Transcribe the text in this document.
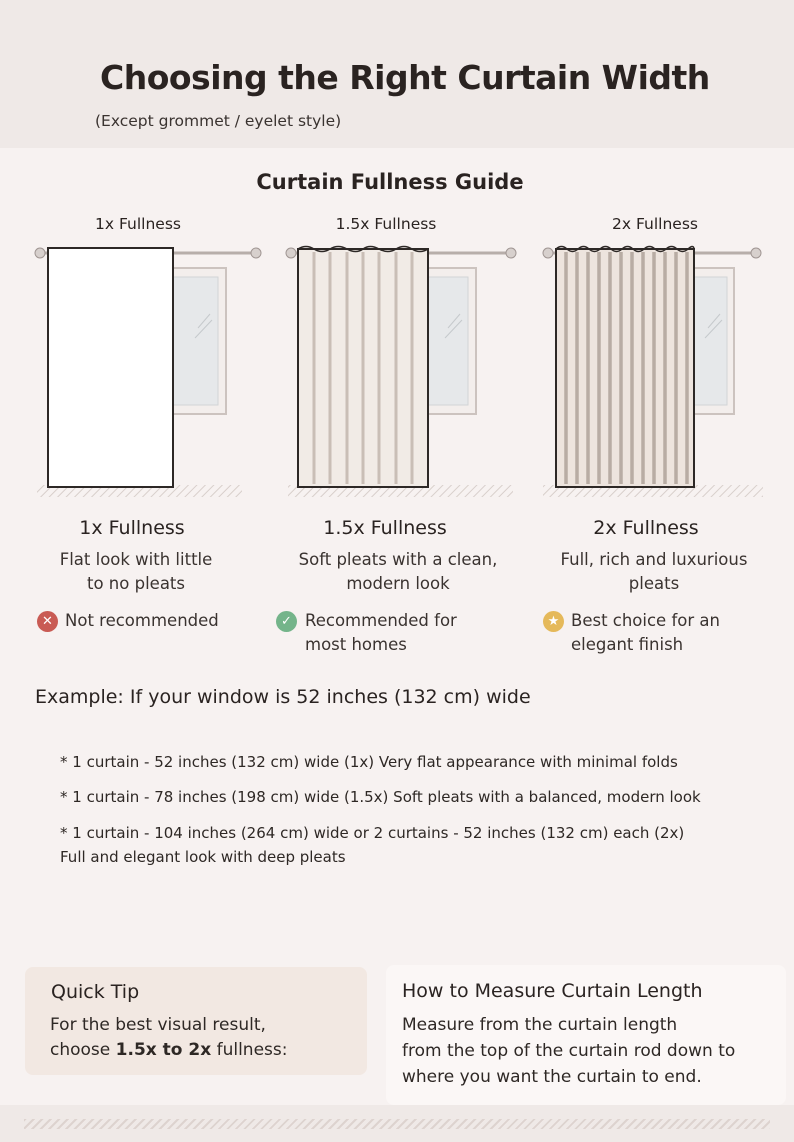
Choosing the Right Curtain Width
(Except grommet / eyelet style)
Curtain Fullness Guide
1x Fullness	1.5x Fullness	2x Fullness
1x Fullness	1.5x Fullness	2x Fullness
Flat look with little
to no pleats
Soft pleats with a clean,
modern look
Full, rich and luxurious
pleats
✕ Not recommended	✓ Recommended for
most homes
★ Best choice for an
elegant finish
Example: If your window is 52 inches (132 cm) wide
* 1 curtain - 52 inches (132 cm) wide (1x) Very flat appearance with minimal folds
* 1 curtain - 78 inches (198 cm) wide (1.5x) Soft pleats with a balanced, modern look
* 1 curtain - 104 inches (264 cm) wide or 2 curtains - 52 inches (132 cm) each (2x)
Full and elegant look with deep pleats
Quick Tip
For the best visual result,
choose 1.5x to 2x fullness:
How to Measure Curtain Length
Measure from the curtain length
from the top of the curtain rod down to
where you want the curtain to end.
